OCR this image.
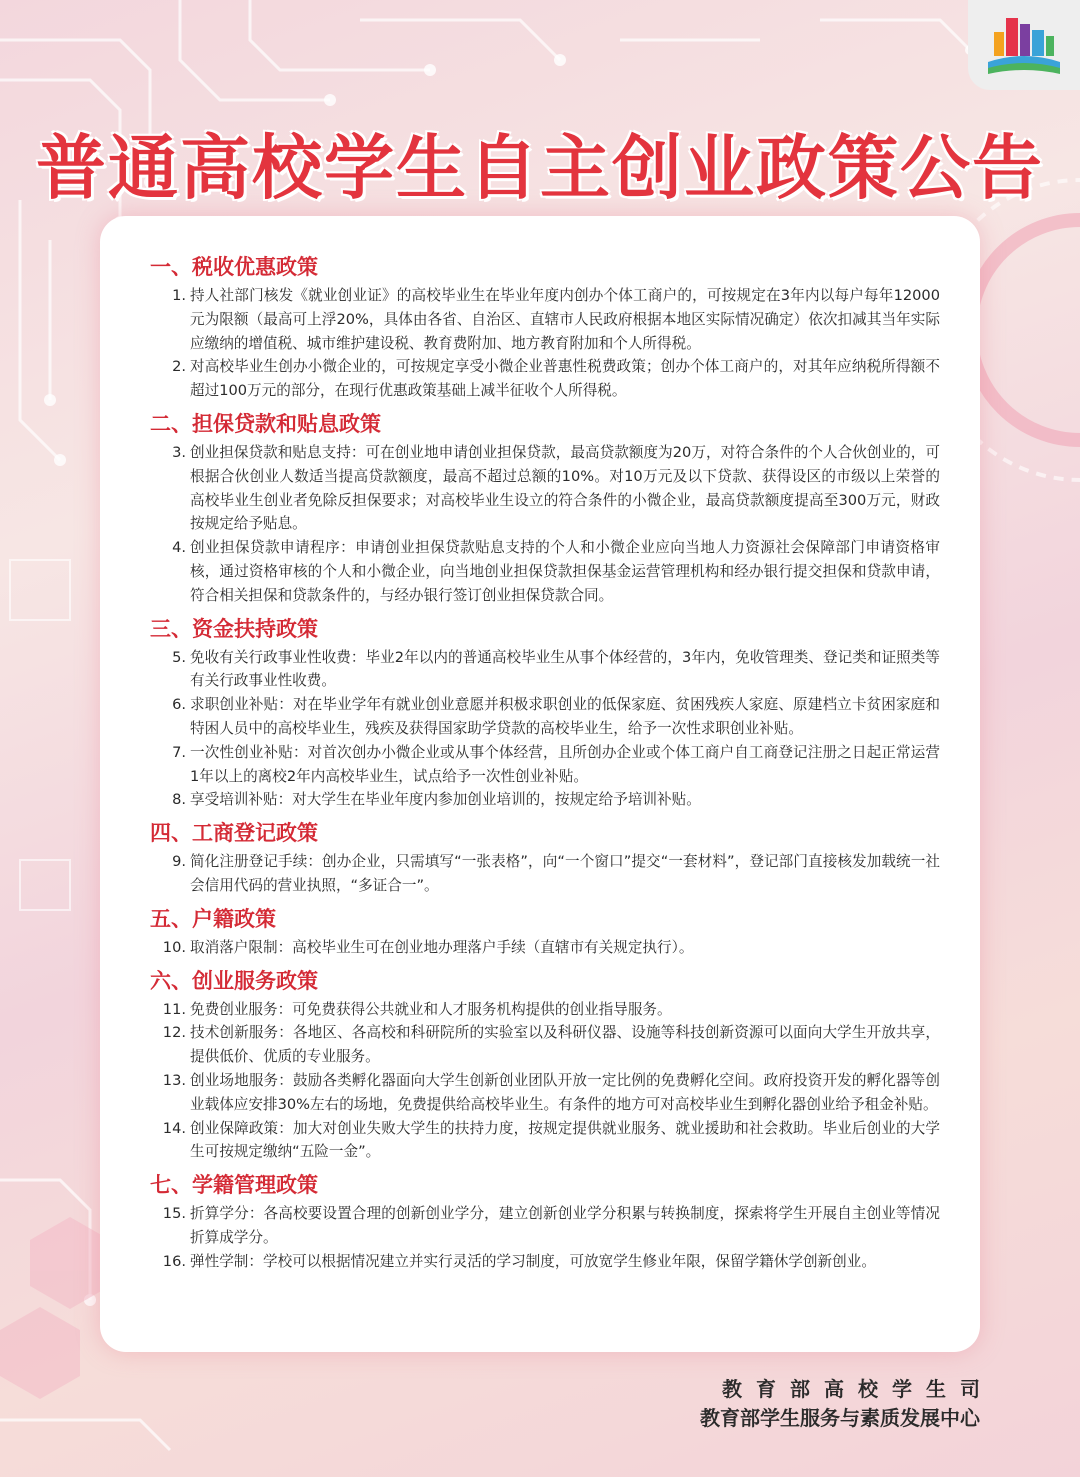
普通高校学生自主创业政策公告
一、税收优惠政策
1. 持人社部门核发《就业创业证》的高校毕业生在毕业年度内创办个体工商户的，可按规定在3年内以每户每年12000元为限额（最高可上浮20%，具体由各省、自治区、直辖市人民政府根据本地区实际情况确定）依次扣减其当年实际应缴纳的增值税、城市维护建设税、教育费附加、地方教育附加和个人所得税。
2. 对高校毕业生创办小微企业的，可按规定享受小微企业普惠性税费政策；创办个体工商户的，对其年应纳税所得额不超过100万元的部分，在现行优惠政策基础上减半征收个人所得税。
二、担保贷款和贴息政策
3. 创业担保贷款和贴息支持：可在创业地申请创业担保贷款，最高贷款额度为20万，对符合条件的个人合伙创业的，可根据合伙创业人数适当提高贷款额度，最高不超过总额的10%。对10万元及以下贷款、获得设区的市级以上荣誉的高校毕业生创业者免除反担保要求；对高校毕业生设立的符合条件的小微企业，最高贷款额度提高至300万元，财政按规定给予贴息。
4. 创业担保贷款申请程序：申请创业担保贷款贴息支持的个人和小微企业应向当地人力资源社会保障部门申请资格审核，通过资格审核的个人和小微企业，向当地创业担保贷款担保基金运营管理机构和经办银行提交担保和贷款申请，符合相关担保和贷款条件的，与经办银行签订创业担保贷款合同。
三、资金扶持政策
5. 免收有关行政事业性收费：毕业2年以内的普通高校毕业生从事个体经营的，3年内，免收管理类、登记类和证照类等有关行政事业性收费。
6. 求职创业补贴：对在毕业学年有就业创业意愿并积极求职创业的低保家庭、贫困残疾人家庭、原建档立卡贫困家庭和特困人员中的高校毕业生，残疾及获得国家助学贷款的高校毕业生，给予一次性求职创业补贴。
7. 一次性创业补贴：对首次创办小微企业或从事个体经营，且所创办企业或个体工商户自工商登记注册之日起正常运营1年以上的离校2年内高校毕业生，试点给予一次性创业补贴。
8. 享受培训补贴：对大学生在毕业年度内参加创业培训的，按规定给予培训补贴。
四、工商登记政策
9. 简化注册登记手续：创办企业，只需填写“一张表格”，向“一个窗口”提交“一套材料”，登记部门直接核发加载统一社会信用代码的营业执照，“多证合一”。
五、户籍政策
10. 取消落户限制：高校毕业生可在创业地办理落户手续（直辖市有关规定执行）。
六、创业服务政策
11. 免费创业服务：可免费获得公共就业和人才服务机构提供的创业指导服务。
12. 技术创新服务：各地区、各高校和科研院所的实验室以及科研仪器、设施等科技创新资源可以面向大学生开放共享，提供低价、优质的专业服务。
13. 创业场地服务：鼓励各类孵化器面向大学生创新创业团队开放一定比例的免费孵化空间。政府投资开发的孵化器等创业载体应安排30%左右的场地，免费提供给高校毕业生。有条件的地方可对高校毕业生到孵化器创业给予租金补贴。
14. 创业保障政策：加大对创业失败大学生的扶持力度，按规定提供就业服务、就业援助和社会救助。毕业后创业的大学生可按规定缴纳“五险一金”。
七、学籍管理政策
15. 折算学分：各高校要设置合理的创新创业学分，建立创新创业学分积累与转换制度，探索将学生开展自主创业等情况折算成学分。
16. 弹性学制：学校可以根据情况建立并实行灵活的学习制度，可放宽学生修业年限，保留学籍休学创新创业。
教育部高校学生司
教育部学生服务与素质发展中心
